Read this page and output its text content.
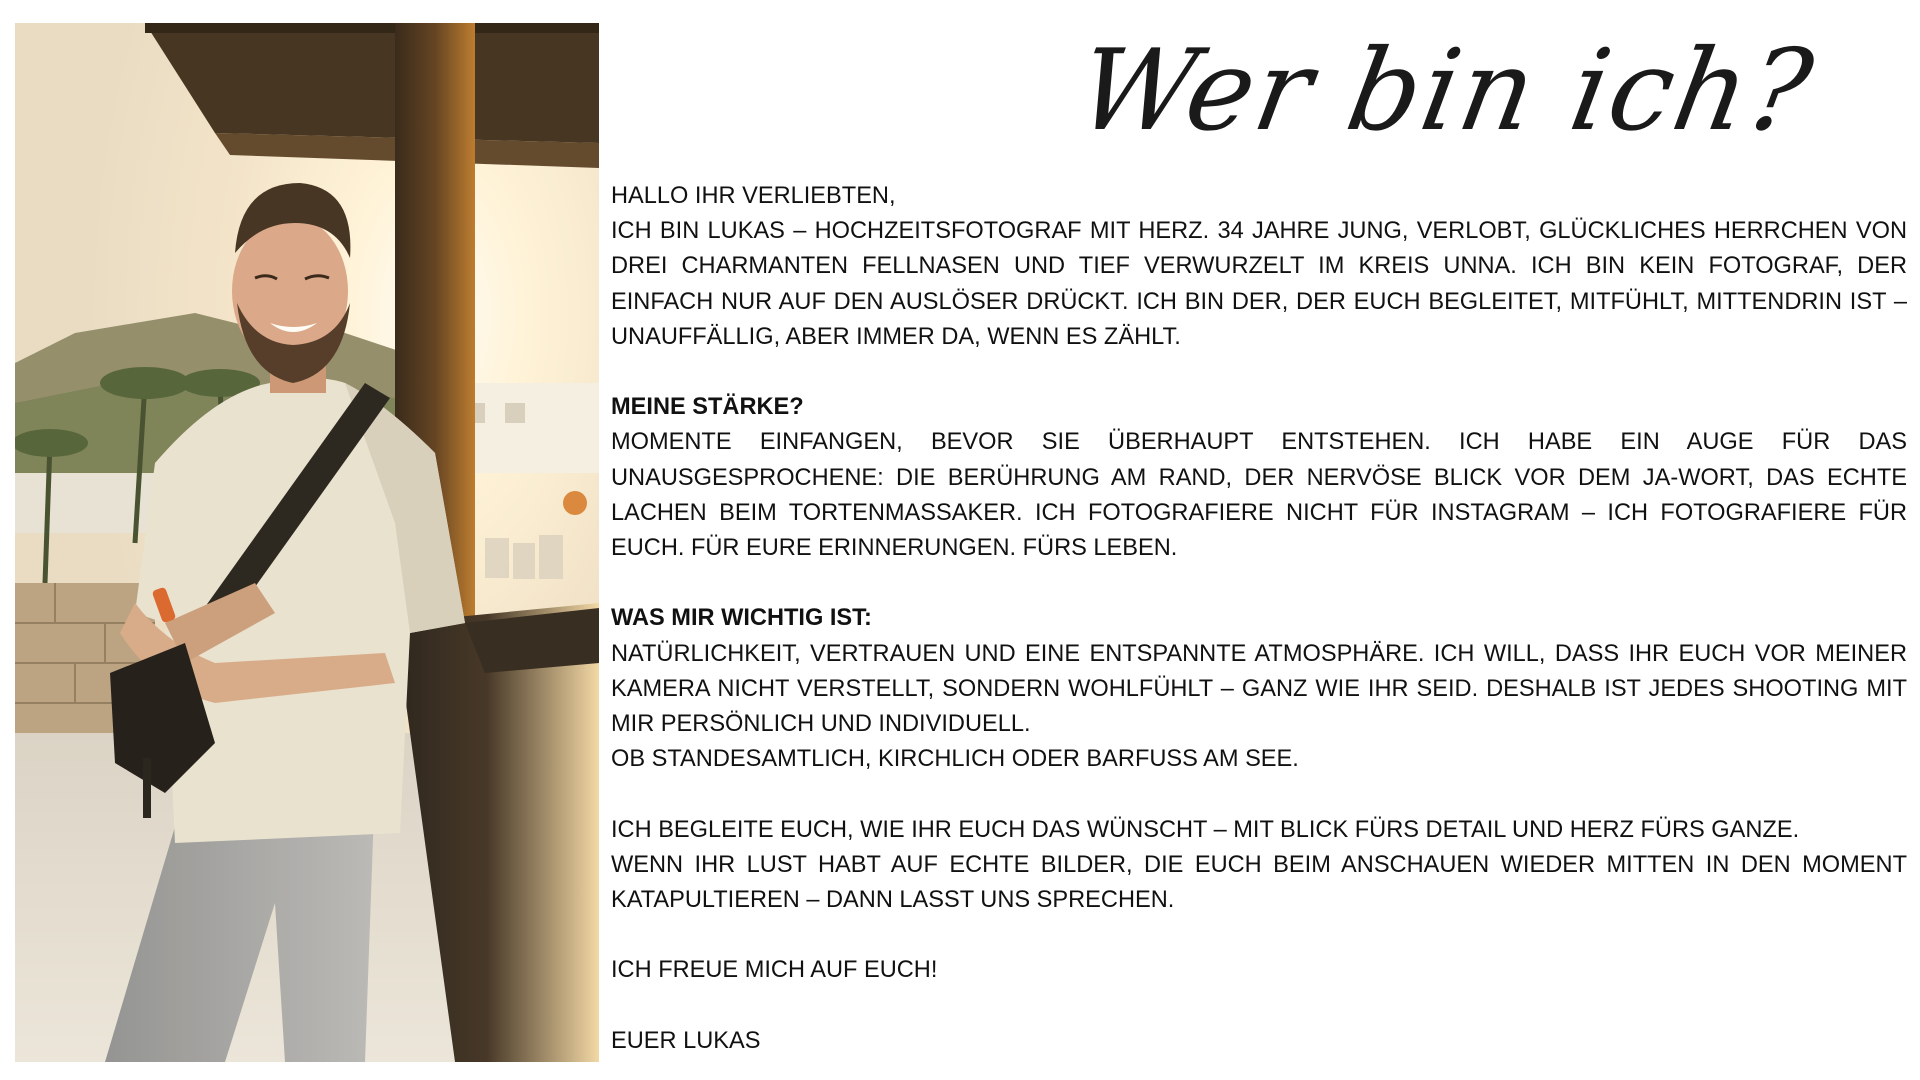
Wer bin ich?

HALLO IHR VERLIEBTEN,

ICH BIN LUKAS – HOCHZEITSFOTOGRAF MIT HERZ. 34 JAHRE JUNG, VERLOBT, GLÜCKLICHES HERRCHEN VON DREI CHARMANTEN FELLNASEN UND TIEF VERWURZELT IM KREIS UNNA. ICH BIN KEIN FOTOGRAF, DER EINFACH NUR AUF DEN AUSLÖSER DRÜCKT. ICH BIN DER, DER EUCH BEGLEITET, MITFÜHLT, MITTENDRIN IST – UNAUFFÄLLIG, ABER IMMER DA, WENN ES ZÄHLT.

MEINE STÄRKE?

MOMENTE EINFANGEN, BEVOR SIE ÜBERHAUPT ENTSTEHEN. ICH HABE EIN AUGE FÜR DAS UNAUSGESPROCHENE: DIE BERÜHRUNG AM RAND, DER NERVÖSE BLICK VOR DEM JA-WORT, DAS ECHTE LACHEN BEIM TORTENMASSAKER. ICH FOTOGRAFIERE NICHT FÜR INSTAGRAM – ICH FOTOGRAFIERE FÜR EUCH. FÜR EURE ERINNERUNGEN. FÜRS LEBEN.

WAS MIR WICHTIG IST:

NATÜRLICHKEIT, VERTRAUEN UND EINE ENTSPANNTE ATMOSPHÄRE. ICH WILL, DASS IHR EUCH VOR MEINER KAMERA NICHT VERSTELLT, SONDERN WOHLFÜHLT – GANZ WIE IHR SEID. DESHALB IST JEDES SHOOTING MIT MIR PERSÖNLICH UND INDIVIDUELL.

OB STANDESAMTLICH, KIRCHLICH ODER BARFUSS AM SEE.

ICH BEGLEITE EUCH, WIE IHR EUCH DAS WÜNSCHT – MIT BLICK FÜRS DETAIL UND HERZ FÜRS GANZE.

WENN IHR LUST HABT AUF ECHTE BILDER, DIE EUCH BEIM ANSCHAUEN WIEDER MITTEN IN DEN MOMENT KATAPULTIEREN – DANN LASST UNS SPRECHEN.

ICH FREUE MICH AUF EUCH!

EUER LUKAS
